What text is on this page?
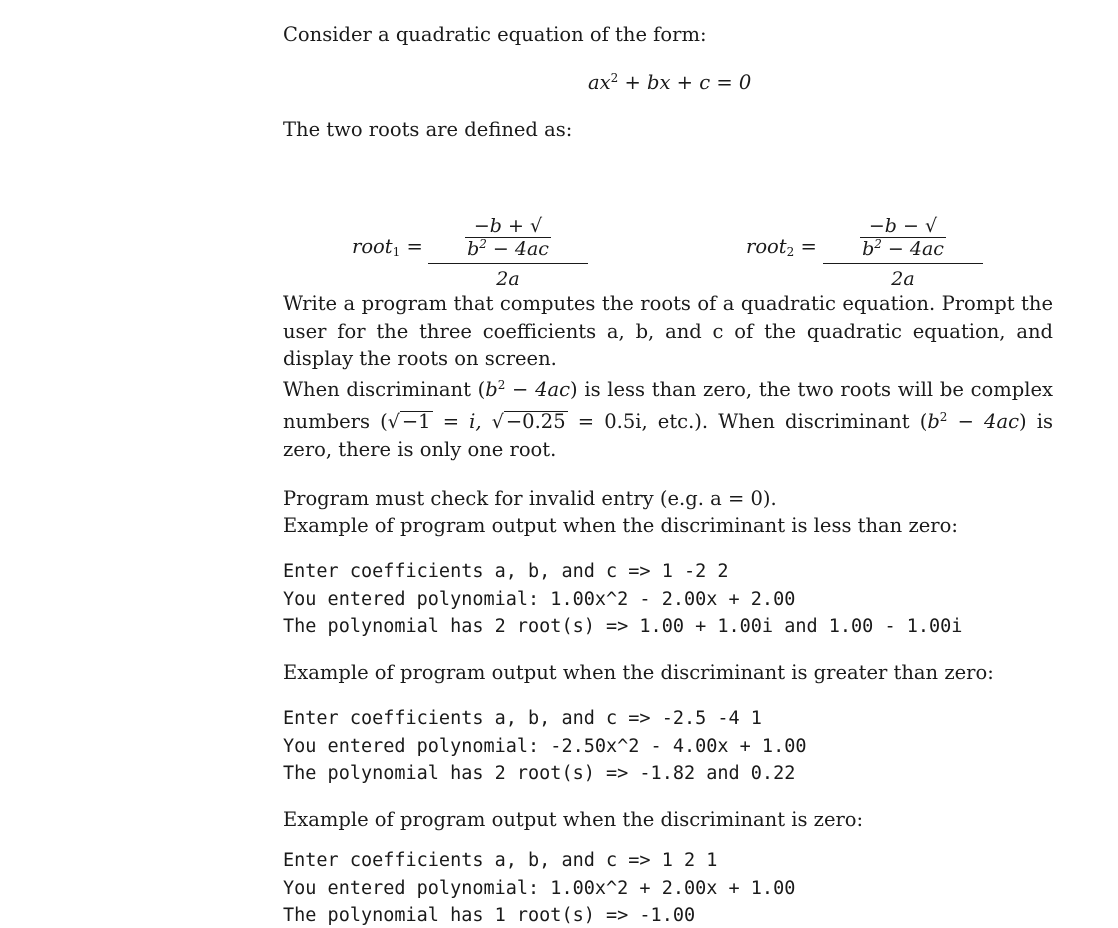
Consider a quadratic equation of the form:
$ax^2$ + bx + c = 0
The two roots are defined as:
root$_1$ = $\frac{-b + √b^2 - 4ac}{2a}$	root$_2$ = $\frac{-b - √b^2 - 4ac}{2a}$
Write a program that computes the roots of a quadratic equation. Prompt the user for the three coefficients a, b, and c of the quadratic equation, and display the roots on screen.
When discriminant $(b^2 - 4ac)$ is less than zero, the two roots will be complex numbers (√ −1 = i, √ −0.25 = 0.5i, etc.). When discriminant $(b^2 - 4ac)$ is zero, there is only one root.
Program must check for invalid entry (e.g. a = 0).
Example of program output when the discriminant is less than zero:
Enter coefficients a, b, and c => 1 -2 2
You entered polynomial: 1.00x^2 - 2.00x + 2.00
The polynomial has 2 root(s) => 1.00 + 1.00i and 1.00 - 1.00i
Example of program output when the discriminant is greater than zero:
Enter coefficients a, b, and c => -2.5 -4 1
You entered polynomial: -2.50x^2 - 4.00x + 1.00
The polynomial has 2 root(s) => -1.82 and 0.22
Example of program output when the discriminant is zero:
Enter coefficients a, b, and c => 1 2 1
You entered polynomial: 1.00x^2 + 2.00x + 1.00
The polynomial has 1 root(s) => -1.00
